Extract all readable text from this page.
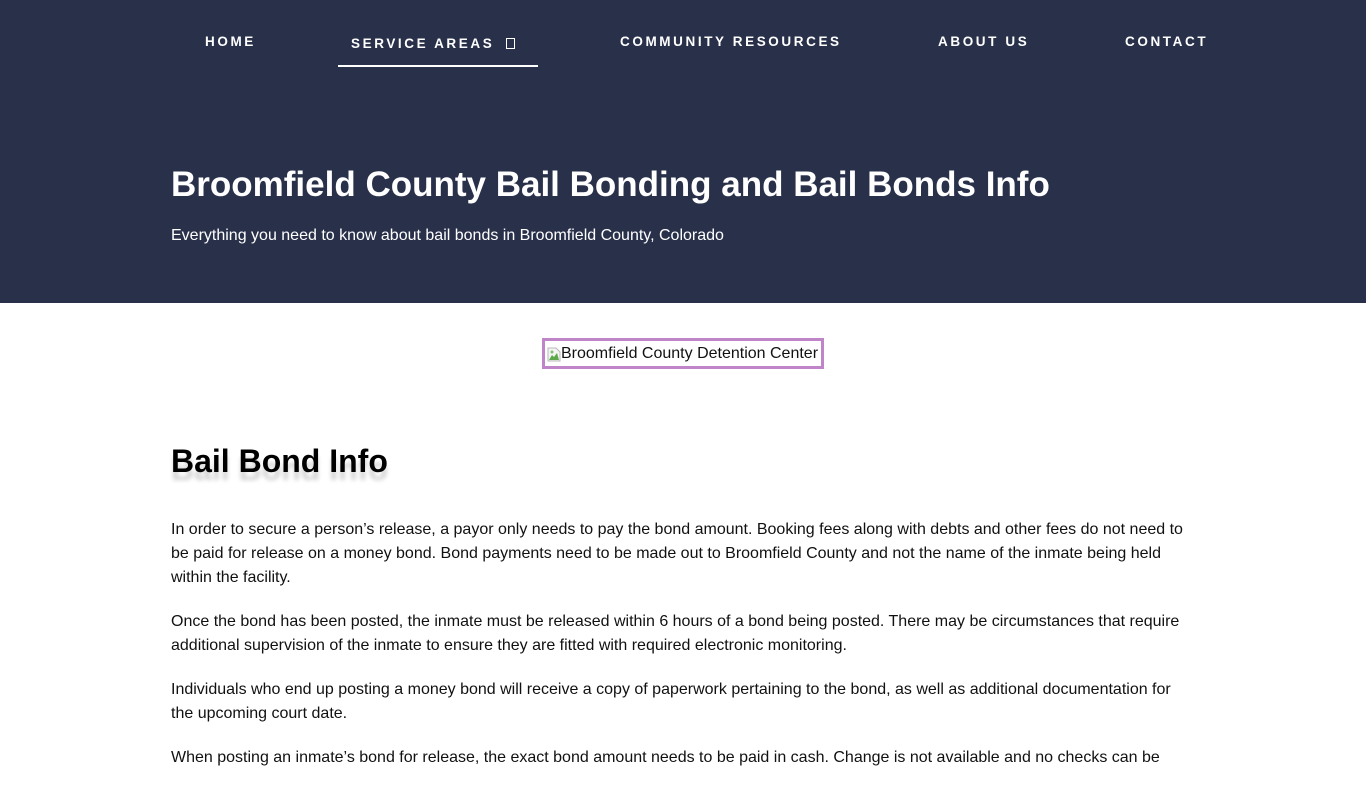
HOME	SERVICE AREAS	COMMUNITY RESOURCES	ABOUT US	CONTACT
Broomfield County Bail Bonding and Bail Bonds Info

Everything you need to know about bail bonds in Broomfield County, Colorado

Broomfield County Detention Center
Bail Bond Info

In order to secure a person’s release, a payor only needs to pay the bond amount. Booking fees along with debts and other fees do not need to be paid for release on a money bond. Bond payments need to be made out to Broomfield County and not the name of the inmate being held within the facility.

Once the bond has been posted, the inmate must be released within 6 hours of a bond being posted. There may be circumstances that require additional supervision of the inmate to ensure they are fitted with required electronic monitoring.

Individuals who end up posting a money bond will receive a copy of paperwork pertaining to the bond, as well as additional documentation for the upcoming court date.

When posting an inmate’s bond for release, the exact bond amount needs to be paid in cash. Change is not available and no checks can be
